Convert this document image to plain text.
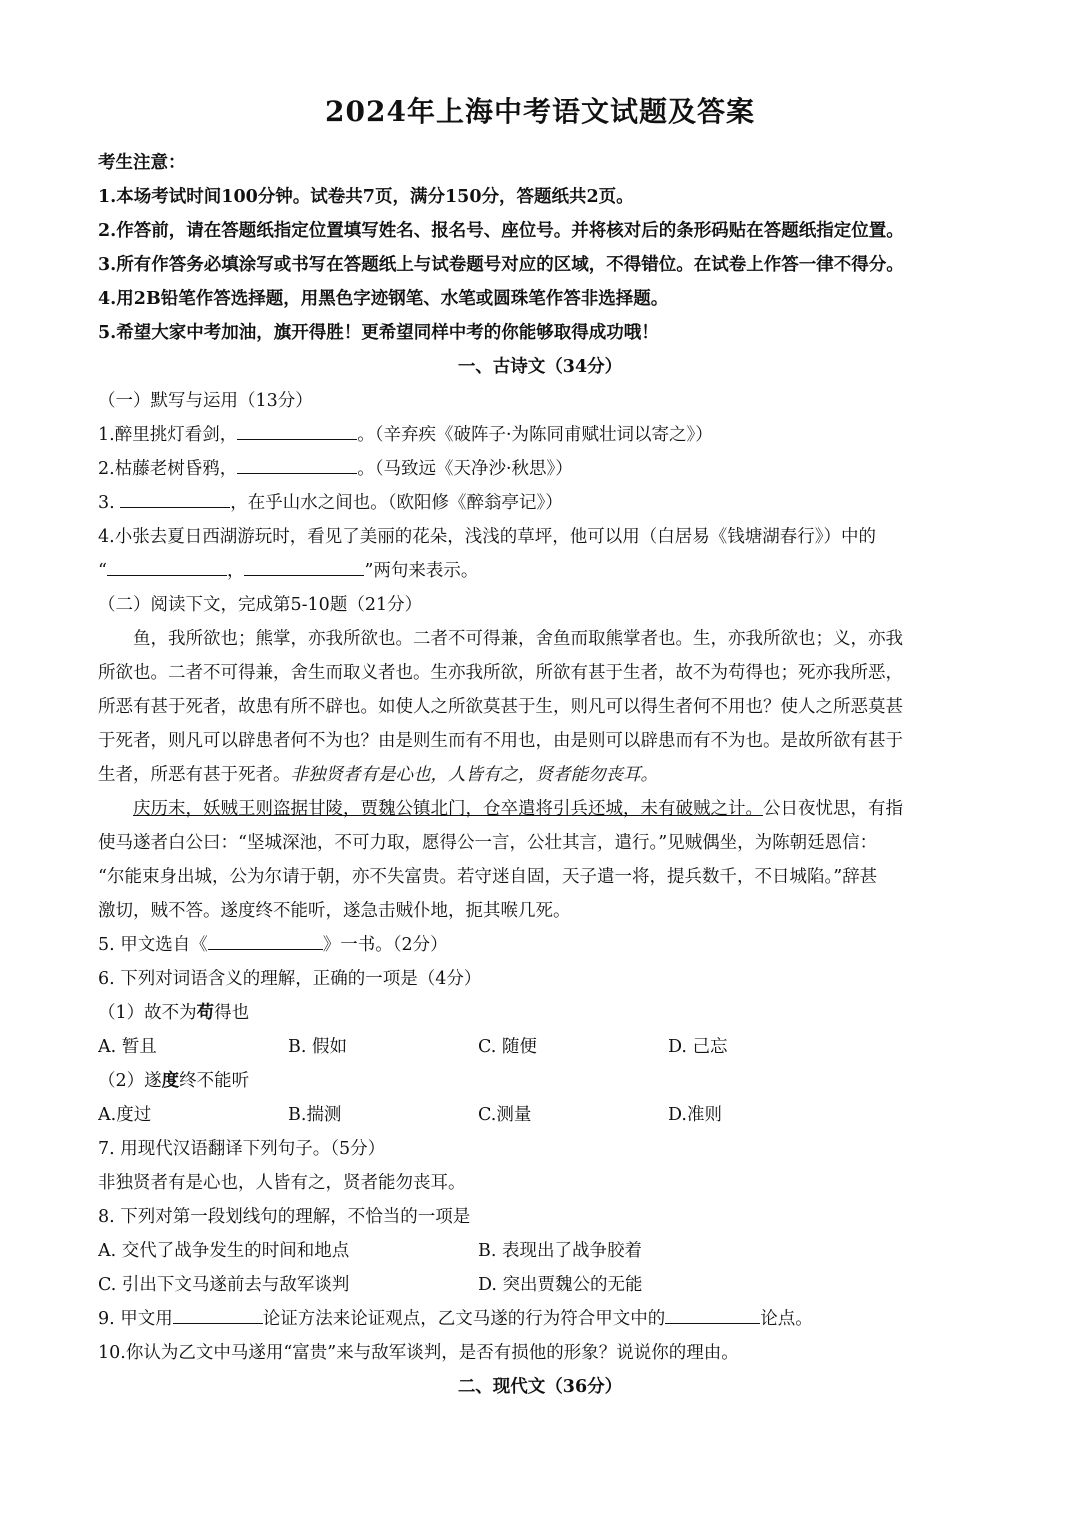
2024年上海中考语文试题及答案
考生注意：
1.本场考试时间100分钟。试卷共7页，满分150分，答题纸共2页。
2.作答前，请在答题纸指定位置填写姓名、报名号、座位号。并将核对后的条形码贴在答题纸指定位置。
3.所有作答务必填涂写或书写在答题纸上与试卷题号对应的区域，不得错位。在试卷上作答一律不得分。
4.用2B铅笔作答选择题，用黑色字迹钢笔、水笔或圆珠笔作答非选择题。
5.希望大家中考加油，旗开得胜！更希望同样中考的你能够取得成功哦！
一、古诗文（34分）
（一）默写与运用（13分）
1.醉里挑灯看剑，	。（辛弃疾《破阵子·为陈同甫赋壮词以寄之》）
2.枯藤老树昏鸦，	。（马致远《天净沙·秋思》）
3.	，在乎山水之间也。（欧阳修《醉翁亭记》）
4.小张去夏日西湖游玩时，看见了美丽的花朵，浅浅的草坪，他可以用（白居易《钱塘湖春行》）中的
“	，	”两句来表示。
（二）阅读下文，完成第5-10题（21分）
鱼，我所欲也；熊掌，亦我所欲也。二者不可得兼，舍鱼而取熊掌者也。生，亦我所欲也；义，亦我
所欲也。二者不可得兼，舍生而取义者也。生亦我所欲，所欲有甚于生者，故不为苟得也；死亦我所恶，
所恶有甚于死者，故患有所不辟也。如使人之所欲莫甚于生，则凡可以得生者何不用也？使人之所恶莫甚
于死者，则凡可以辟患者何不为也？由是则生而有不用也，由是则可以辟患而有不为也。是故所欲有甚于
生者，所恶有甚于死者。非独贤者有是心也，人皆有之，贤者能勿丧耳。
庆历末，妖贼王则盗据甘陵，贾魏公镇北门，仓卒遣将引兵还城，未有破贼之计。公日夜忧思，有指
使马遂者白公曰：“坚城深池，不可力取，愿得公一言，公壮其言，遣行。”见贼偶坐，为陈朝廷恩信：
“尔能束身出城，公为尔请于朝，亦不失富贵。若守迷自固，天子遣一将，提兵数千，不日城陷。”辞甚
激切，贼不答。遂度终不能听，遂急击贼仆地，扼其喉几死。
5. 甲文选自《	》一书。（2分）
6. 下列对词语含义的理解，正确的一项是（4分）
（1）故不为苟得也
A. 暂且	B. 假如	C. 随便	D. 己忘
（2）遂度终不能听
A.度过	B.揣测	C.测量	D.准则
7. 用现代汉语翻译下列句子。（5分）
非独贤者有是心也，人皆有之，贤者能勿丧耳。
8. 下列对第一段划线句的理解，不恰当的一项是
A. 交代了战争发生的时间和地点	B. 表现出了战争胶着
C. 引出下文马遂前去与敌军谈判	D. 突出贾魏公的无能
9. 甲文用	论证方法来论证观点，乙文马遂的行为符合甲文中的	论点。
10.你认为乙文中马遂用“富贵”来与敌军谈判，是否有损他的形象？说说你的理由。
二、现代文（36分）
